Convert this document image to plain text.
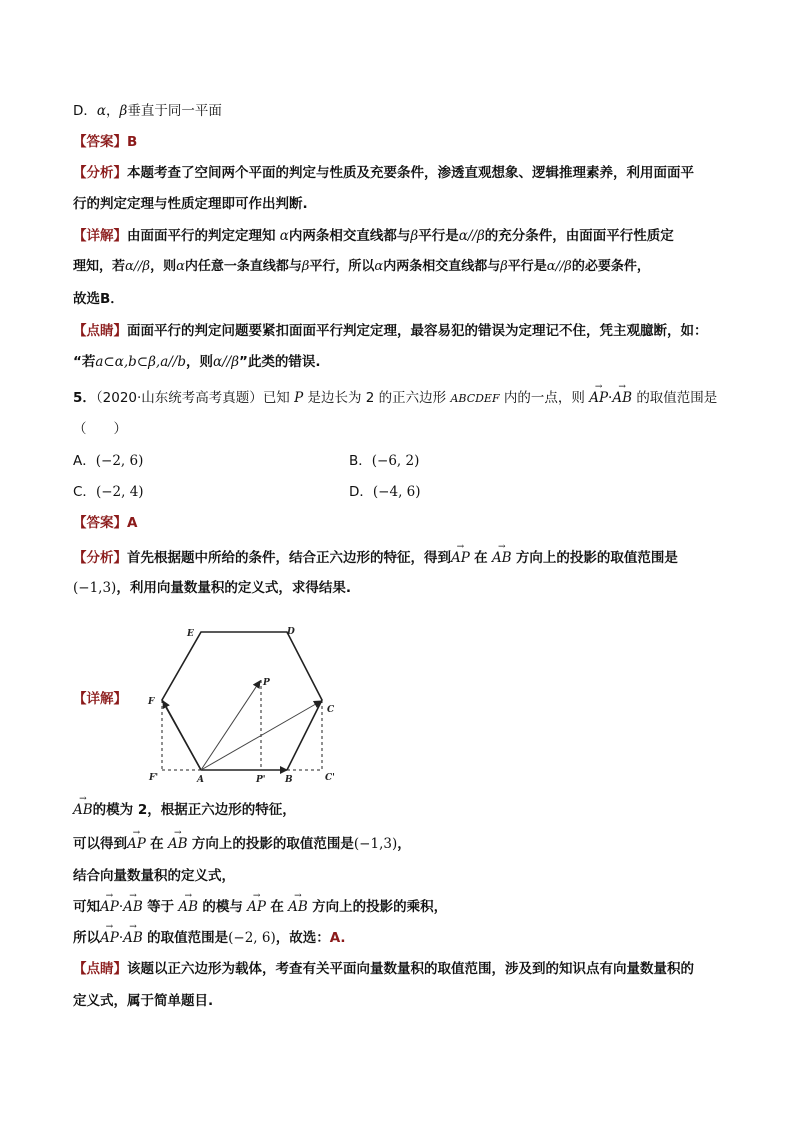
D．α，β垂直于同一平面
【答案】B
【分析】本题考查了空间两个平面的判定与性质及充要条件，渗透直观想象、逻辑推理素养，利用面面平
行的判定定理与性质定理即可作出判断.
【详解】由面面平行的判定定理知 α内两条相交直线都与β平行是α//β的充分条件，由面面平行性质定
理知，若α//β，则α内任意一条直线都与β平行，所以α内两条相交直线都与β平行是α//β的必要条件，
故选B．
【点睛】面面平行的判定问题要紧扣面面平行判定定理，最容易犯的错误为定理记不住，凭主观臆断，如：
“若a⊂α,b⊂β,a//b，则α//β”此类的错误.
5．（2020·山东统考高考真题）已知 P 是边长为 2 的正六边形 ABCDEF 内的一点，则 → AP·→ AB 的取值范围是
（　　）
A．(−2, 6)	B．(−6, 2)
C．(−2, 4)	D．(−4, 6)
【答案】A
【分析】首先根据题中所给的条件，结合正六边形的特征，得到→ AP 在 → AB 方向上的投影的取值范围是
(−1,3)，利用向量数量积的定义式，求得结果.
【详解】
E	D
F
C
P
A	B
F'	P'	C'
→ AB的模为 2，根据正六边形的特征，
可以得到→ AP 在 → AB 方向上的投影的取值范围是(−1,3)，
结合向量数量积的定义式，
可知→ AP·→ AB 等于 → AB 的模与 → AP 在 → AB 方向上的投影的乘积，
所以→ AP·→ AB 的取值范围是(−2, 6)，故选：A.
【点睛】该题以正六边形为载体，考查有关平面向量数量积的取值范围，涉及到的知识点有向量数量积的
定义式，属于简单题目.
